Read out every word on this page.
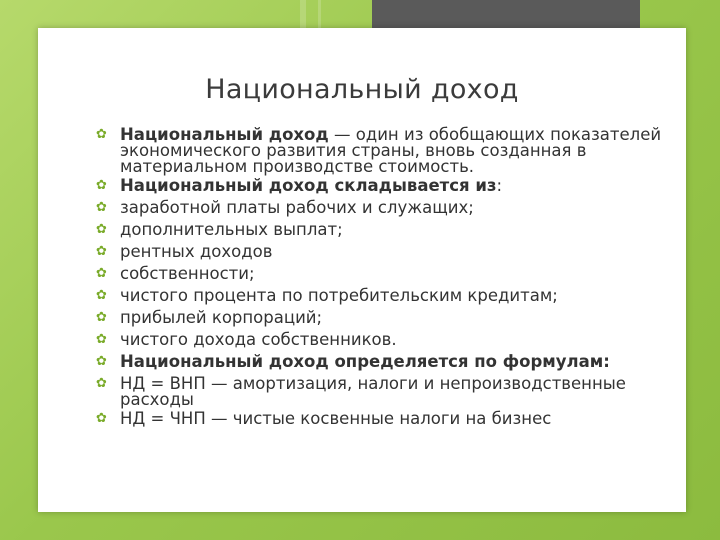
Национальный доход
✿ Национальный доход — один из обобщающих показателей экономического развития страны, вновь созданная в материальном производстве стоимость.
✿ Национальный доход складывается из:
✿ заработной платы рабочих и служащих;
✿ дополнительных выплат;
✿ рентных доходов
✿ собственности;
✿ чистого процента по потребительским кредитам;
✿ прибылей корпораций;
✿ чистого дохода собственников.
✿ Национальный доход определяется по формулам:
✿ НД = ВНП — амортизация, налоги и непроизводственные расходы
✿ НД = ЧНП — чистые косвенные налоги на бизнес
